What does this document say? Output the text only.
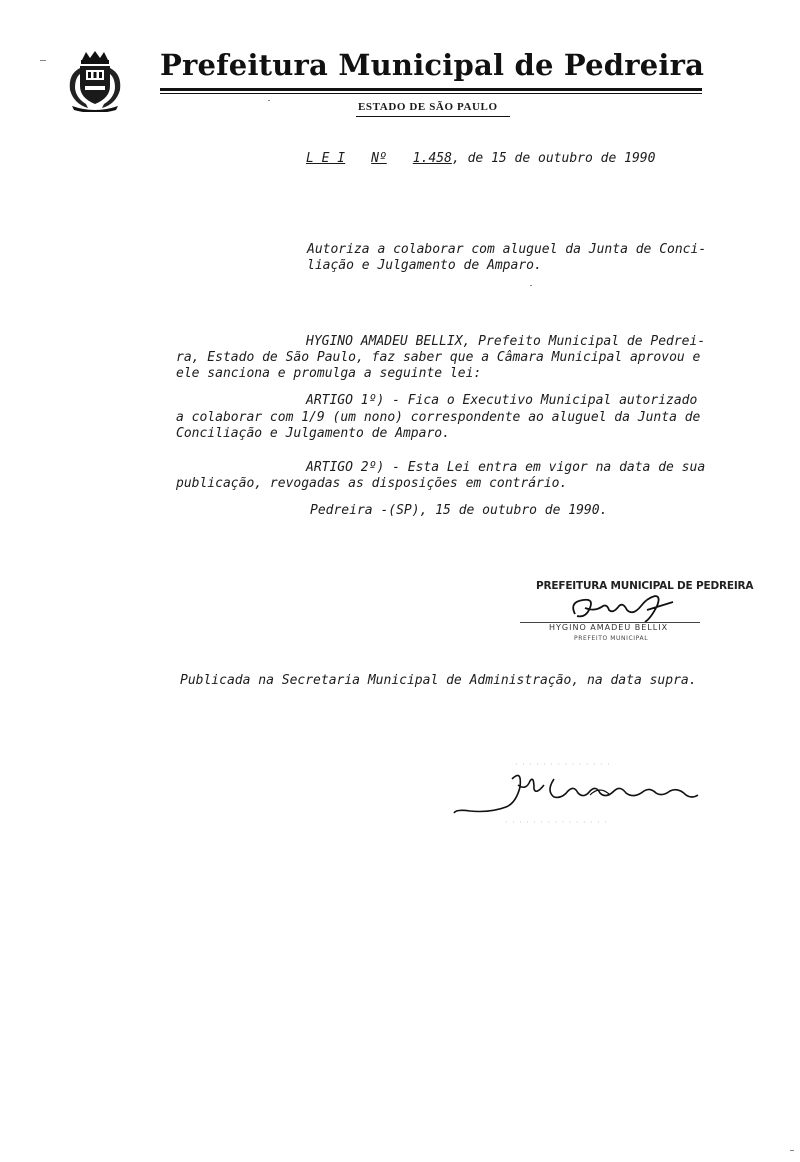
Prefeitura Municipal de Pedreira
ESTADO DE SÃO PAULO
L E I Nº 1.458, de 15 de outubro de 1990
Autoriza a colaborar com aluguel da Junta de Conci-
liação e Julgamento de Amparo.
HYGINO AMADEU BELLIX, Prefeito Municipal de Pedrei-
ra, Estado de São Paulo, faz saber que a Câmara Municipal aprovou e
ele sanciona e promulga a seguinte lei:
ARTIGO 1º) - Fica o Executivo Municipal autorizado
a colaborar com 1/9 (um nono) correspondente ao aluguel da Junta de
Conciliação e Julgamento de Amparo.
ARTIGO 2º) - Esta Lei entra em vigor na data de sua
publicação, revogadas as disposições em contrário.
Pedreira -(SP), 15 de outubro de 1990.
PREFEITURA MUNICIPAL DE PEDREIRA
HYGINO AMADEU BELLIX
PREFEITO MUNICIPAL
Publicada na Secretaria Municipal de Administração, na data supra.
· · · · · · · · · · · · · ·
· · · · · · · · · · · · · · ·
